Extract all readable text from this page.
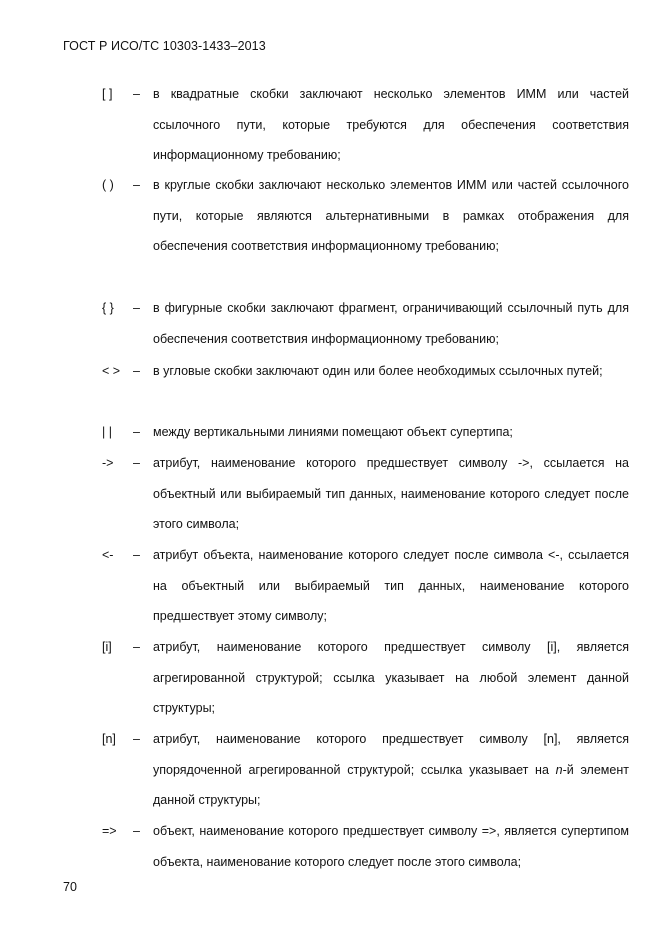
ГОСТ Р ИСО/ТС 10303-1433–2013
[ ] – в квадратные скобки заключают несколько элементов ИММ или частей ссылочного пути, которые требуются для обеспечения соответствия информационному требованию;
( ) – в круглые скобки заключают несколько элементов ИММ или частей ссылочного пути, которые являются альтернативными в рамках отображения для обеспечения соответствия информационному требованию;
{ } – в фигурные скобки заключают фрагмент, ограничивающий ссылочный путь для обеспечения соответствия информационному требованию;
< > – в угловые скобки заключают один или более необходимых ссылочных путей;
| | – между вертикальными линиями помещают объект супертипа;
-> – атрибут, наименование которого предшествует символу ->, ссылается на объектный или выбираемый тип данных, наименование которого следует после этого символа;
<- – атрибут объекта, наименование которого следует после символа <-, ссылается на объектный или выбираемый тип данных, наименование которого предшествует этому символу;
[i] – атрибут, наименование которого предшествует символу [i], является агрегированной структурой; ссылка указывает на любой элемент данной структуры;
[n] – атрибут, наименование которого предшествует символу [n], является упорядоченной агрегированной структурой; ссылка указывает на n-й элемент данной структуры;
=> – объект, наименование которого предшествует символу =>, является супертипом объекта, наименование которого следует после этого символа;
70
